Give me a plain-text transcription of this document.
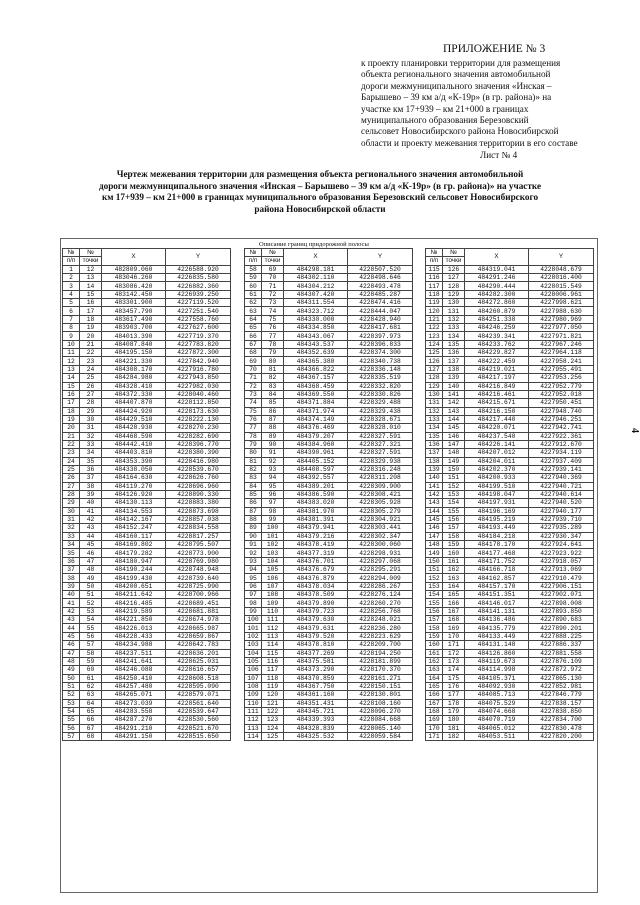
ПРИЛОЖЕНИЕ № 3
к проекту планировки территории для размещения
объекта регионального значения автомобильной
дороги межмуниципального значения «Инская –
Барышево – 39 км а/д «К-19р» (в гр. района)» на
участке км 17+939 – км 21+000 в границах
муниципального образования Березовский
сельсовет Новосибирского района Новосибирской
области и проекту межевания территории в его составе
Лист № 4
Чертеж межевания территории для размещения объекта регионального значения автомобильной
дороги межмуниципального значения «Инская – Барышево – 39 км а/д «К-19р» (в гр. района)» на участке
км 17+939 – км 21+000 в границах муниципального образования Березовский сельсовет Новосибирского
района Новосибирской области
Описание границ придорожной полосы
№	№	X	Y
п/п	точки		
1	12	482809.060	4226588.920
2	13	483046.260	4226835.580
3	14	483086.420	4226882.360
4	15	483142.450	4226939.250
5	16	483301.900	4227119.520
6	17	483457.790	4227251.540
7	18	483617.490	4227558.760
8	19	483903.700	4227627.600
9	20	484013.390	4227719.370
10	21	484087.840	4227783.820
11	22	484195.150	4227872.300
12	23	484221.330	4227842.940
13	24	484308.170	4227916.780
14	25	484284.980	4227943.850
15	26	484328.410	4227982.030
16	27	484372.330	4228040.460
17	28	484407.870	4228112.850
18	29	484424.920	4228173.630
19	30	484429.510	4228222.130
20	31	484428.930	4228270.230
21	32	484468.590	4228282.690
22	33	484442.410	4228396.770
23	34	484403.810	4228380.390
24	35	484353.390	4228416.980
25	36	484338.050	4228539.670
26	37	484164.630	4228626.760
27	38	484119.270	4228696.960
28	39	484126.920	4228890.330
29	40	484130.113	4228883.380
30	41	484134.553	4228873.698
31	42	484142.167	4228857.038
32	43	484152.247	4228834.558
33	44	484160.117	4228817.257
34	45	484169.802	4228795.507
35	46	484179.282	4228773.900
36	47	484180.947	4228769.980
37	48	484190.244	4228748.948
38	49	484199.430	4228739.640
39	50	484200.651	4228725.990
40	51	484211.642	4228700.966
41	52	484216.485	4228689.451
42	53	484219.589	4228681.881
43	54	484221.850	4228674.978
44	55	484226.013	4228665.987
45	56	484228.433	4228659.867
46	57	484234.988	4228642.783
47	58	484237.511	4228636.201
48	59	484241.641	4228625.031
49	60	484246.088	4228616.657
50	61	484250.410	4228608.518
51	62	484257.480	4228595.090
52	63	484265.071	4228579.071
53	64	484273.039	4228561.640
54	65	484283.558	4228539.647
55	66	484287.270	4228530.560
56	67	484291.210	4228521.670
57	68	484291.150	4228515.650
№	№	X	Y
п/п	точки		
58	69	484298.181	4228507.520
59	70	484302.110	4228498.646
60	71	484304.212	4228493.478
61	72	484307.420	4228485.287
62	73	484311.554	4228474.416
63	74	484323.712	4228444.047
64	75	484330.000	4228428.940
65	76	484334.850	4228417.681
66	77	484343.067	4228397.973
67	78	484343.537	4228396.833
68	79	484352.639	4228374.300
69	80	484365.380	4228340.738
70	81	484366.822	4228336.148
71	82	484367.157	4228335.519
72	83	484368.459	4228332.820
73	84	484369.550	4228330.826
74	85	484371.884	4228329.488
75	86	484371.974	4228329.438
76	87	484374.149	4228328.671
77	88	484376.469	4228328.010
78	89	484379.207	4228327.591
79	90	484384.960	4228327.321
80	91	484390.961	4228327.591
81	92	484405.152	4228329.938
82	93	484408.597	4228316.248
83	94	484392.557	4228311.208
84	95	484389.201	4228309.900
85	96	484386.590	4228308.421
86	97	484383.020	4228305.928
87	98	484381.970	4228305.279
88	99	484381.391	4228304.921
89	100	484379.941	4228303.441
90	101	484379.216	4228302.347
91	102	484378.419	4228300.060
92	103	484377.319	4228298.931
93	104	484376.701	4228297.068
94	105	484376.679	4228295.291
95	106	484376.879	4228294.009
96	107	484378.034	4228286.267
97	108	484378.509	4228276.124
98	109	484379.890	4228260.270
99	110	484379.723	4228256.768
100	111	484379.630	4228248.021
101	112	484379.631	4228236.280
102	113	484379.520	4228223.629
103	114	484378.810	4228209.700
104	115	484377.269	4228194.250
105	116	484375.581	4228181.899
106	117	484373.290	4228170.370
107	118	484370.859	4228161.271
108	119	484367.750	4228150.151
109	120	484361.160	4228130.801
110	121	484351.431	4228108.160
111	122	484345.721	4228096.270
112	123	484339.393	4228084.668
113	124	484328.839	4228065.140
114	125	484325.532	4228059.584
№	№	X	Y
п/п	точки		
115	126	484319.041	4228048.679
116	127	484291.246	4228016.400
117	128	484290.444	4228015.549
118	129	484282.300	4228006.961
119	130	484272.860	4227998.621
120	131	484260.879	4227988.630
121	132	484251.338	4227980.969
122	133	484246.259	4227977.050
123	134	484239.341	4227971.821
124	135	484233.762	4227967.246
125	136	484229.827	4227964.118
126	137	484222.459	4227958.241
127	138	484219.021	4227955.491
128	139	484217.197	4227953.256
129	140	484216.849	4227952.779
130	141	484216.461	4227952.018
131	142	484215.671	4227950.451
132	143	484216.150	4227948.740
133	144	484217.440	4227946.251
134	145	484220.071	4227942.741
135	146	484237.540	4227922.361
136	147	484226.141	4227912.670
137	148	484207.012	4227934.119
138	149	484204.011	4227937.409
139	150	484202.370	4227939.141
140	151	484200.933	4227940.369
141	152	484199.510	4227940.721
142	153	484198.047	4227940.614
143	154	484197.931	4227940.520
144	155	484196.169	4227940.177
145	156	484195.219	4227939.710
146	157	484193.449	4227935.289
147	158	484184.218	4227930.347
148	159	484178.170	4227924.641
149	160	484177.468	4227923.922
150	161	484171.752	4227918.057
151	162	484166.718	4227913.069
152	163	484162.857	4227910.479
153	164	484157.170	4227906.151
154	165	484151.351	4227902.071
155	166	484146.017	4227898.008
156	167	484141.131	4227893.850
157	168	484136.486	4227890.683
158	169	484135.779	4227890.201
159	170	484133.449	4227888.225
160	171	484131.148	4227886.337
161	172	484126.860	4227881.558
162	173	484119.673	4227876.109
163	174	484114.998	4227872.972
164	175	484105.371	4227865.130
165	176	484092.930	4227852.981
166	177	484085.713	4227846.779
167	178	484075.529	4227838.157
168	179	484074.668	4227838.850
169	180	484070.719	4227834.700
170	181	484065.012	4227830.478
171	182	484053.511	4227820.200
4
